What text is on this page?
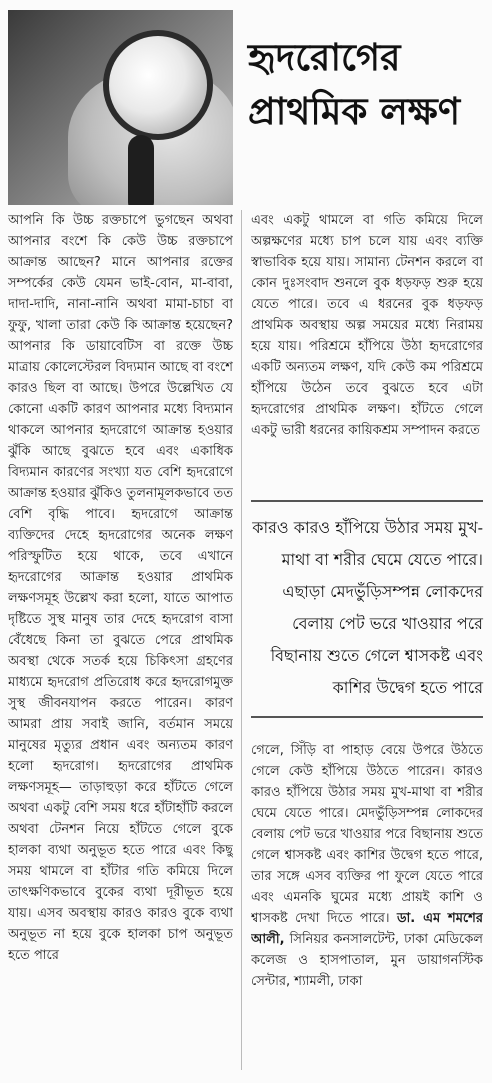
হৃদরোগের প্রাথমিক লক্ষণ
আপনি কি উচ্চ রক্তচাপে ভুগছেন অথবা আপনার বংশে কি কেউ উচ্চ রক্তচাপে আক্রান্ত আছেন? মানে আপনার রক্তের সম্পর্কের কেউ যেমন ভাই-বোন, মা-বাবা, দাদা-দাদি, নানা-নানি অথবা মামা-চাচা বা ফুফু, খালা তারা কেউ কি আক্রান্ত হয়েছেন? আপনার কি ডায়াবেটিস বা রক্তে উচ্চ মাত্রায় কোলেস্টেরল বিদ্যমান আছে বা বংশে কারও ছিল বা আছে। উপরে উল্লেখিত যে কোনো একটি কারণ আপনার মধ্যে বিদ্যমান থাকলে আপনার হৃদরোগে আক্রান্ত হওয়ার ঝুঁকি আছে বুঝতে হবে এবং একাধিক বিদ্যমান কারণের সংখ্যা যত বেশি হৃদরোগে আক্রান্ত হওয়ার ঝুঁকিও তুলনামূলকভাবে তত বেশি বৃদ্ধি পাবে। হৃদরোগে আক্রান্ত ব্যক্তিদের দেহে হৃদরোগের অনেক লক্ষণ পরিস্ফুটিত হয়ে থাকে, তবে এখানে হৃদরোগের আক্রান্ত হওয়ার প্রাথমিক লক্ষণসমূহ উল্লেখ করা হলো, যাতে আপাত দৃষ্টিতে সুস্থ মানুষ তার দেহে হৃদরোগ বাসা বেঁধেছে কিনা তা বুঝতে পেরে প্রাথমিক অবস্থা থেকে সতর্ক হয়ে চিকিৎসা গ্রহণের মাধ্যমে হৃদরোগ প্রতিরোধ করে হৃদরোগমুক্ত সুস্থ জীবনযাপন করতে পারেন। কারণ আমরা প্রায় সবাই জানি, বর্তমান সময়ে মানুষের মৃত্যুর প্রধান এবং অন্যতম কারণ হলো হৃদরোগ। হৃদরোগের প্রাথমিক লক্ষণসমূহ— তাড়াহুড়া করে হাঁটতে গেলে অথবা একটু বেশি সময় ধরে হাঁটাহাঁটি করলে অথবা টেনশন নিয়ে হাঁটতে গেলে বুকে হালকা ব্যথা অনুভূত হতে পারে এবং কিছু সময় থামলে বা হাঁটার গতি কমিয়ে দিলে তাৎক্ষণিকভাবে বুকের ব্যথা দূরীভূত হয়ে যায়। এসব অবস্থায় কারও কারও বুকে ব্যথা অনুভূত না হয়ে বুকে হালকা চাপ অনুভূত হতে পারে
এবং একটু থামলে বা গতি কমিয়ে দিলে অল্পক্ষণের মধ্যে চাপ চলে যায় এবং ব্যক্তি স্বাভাবিক হয়ে যায়। সামান্য টেনশন করলে বা কোন দুঃসংবাদ শুনলে বুক ধড়ফড় শুরু হয়ে যেতে পারে। তবে এ ধরনের বুক ধড়ফড় প্রাথমিক অবস্থায় অল্প সময়ের মধ্যে নিরাময় হয়ে যায়। পরিশ্রমে হাঁপিয়ে উঠা হৃদরোগের একটি অন্যতম লক্ষণ, যদি কেউ কম পরিশ্রমে হাঁপিয়ে উঠেন তবে বুঝতে হবে এটা হৃদরোগের প্রাথমিক লক্ষণ। হাঁটতে গেলে একটু ভারী ধরনের কায়িকশ্রম সম্পাদন করতে
কারও কারও হাঁপিয়ে উঠার সময় মুখ-মাথা বা শরীর ঘেমে যেতে পারে। এছাড়া মেদভুঁড়িসম্পন্ন লোকদের বেলায় পেট ভরে খাওয়ার পরে বিছানায় শুতে গেলে শ্বাসকষ্ট এবং কাশির উদ্বেগ হতে পারে
গেলে, সিঁড়ি বা পাহাড় বেয়ে উপরে উঠতে গেলে কেউ হাঁপিয়ে উঠতে পারেন। কারও কারও হাঁপিয়ে উঠার সময় মুখ-মাথা বা শরীর ঘেমে যেতে পারে। মেদভুঁড়িসম্পন্ন লোকদের বেলায় পেট ভরে খাওয়ার পরে বিছানায় শুতে গেলে শ্বাসকষ্ট এবং কাশির উদ্বেগ হতে পারে, তার সঙ্গে এসব ব্যক্তির পা ফুলে যেতে পারে এবং এমনকি ঘুমের মধ্যে প্রায়ই কাশি ও শ্বাসকষ্ট দেখা দিতে পারে। ডা. এম শমশের আলী, সিনিয়র কনসালটেন্ট, ঢাকা মেডিকেল কলেজ ও হাসপাতাল, মুন ডায়াগনস্টিক সেন্টার, শ্যামলী, ঢাকা
